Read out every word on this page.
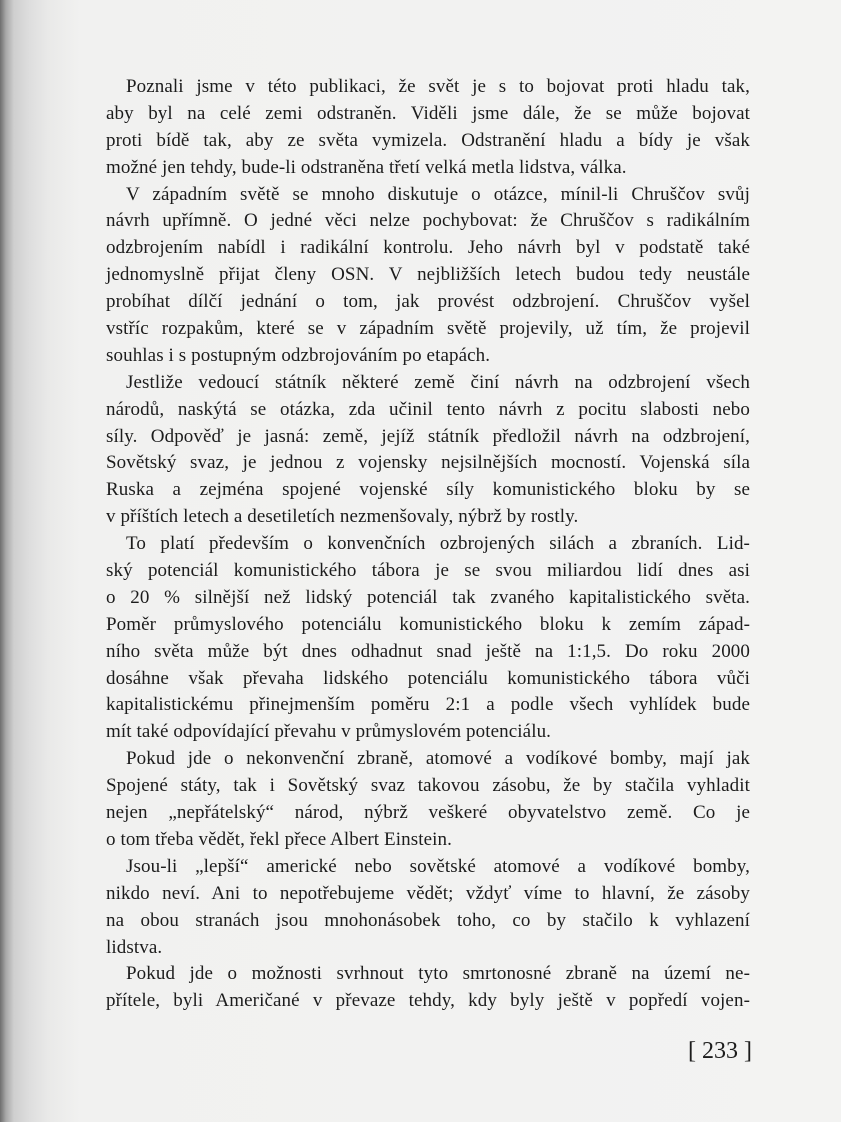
Poznali jsme v této publikaci, že svět je s to bojovat proti hladu tak,
aby byl na celé zemi odstraněn. Viděli jsme dále, že se může bojovat
proti bídě tak, aby ze světa vymizela. Odstranění hladu a bídy je však
možné jen tehdy, bude-li odstraněna třetí velká metla lidstva, válka.
V západním světě se mnoho diskutuje o otázce, mínil-li Chruščov svůj
návrh upřímně. O jedné věci nelze pochybovat: že Chruščov s radikálním
odzbrojením nabídl i radikální kontrolu. Jeho návrh byl v podstatě také
jednomyslně přijat členy OSN. V nejbližších letech budou tedy neustále
probíhat dílčí jednání o tom, jak provést odzbrojení. Chruščov vyšel
vstříc rozpakům, které se v západním světě projevily, už tím, že projevil
souhlas i s postupným odzbrojováním po etapách.
Jestliže vedoucí státník některé země činí návrh na odzbrojení všech
národů, naskýtá se otázka, zda učinil tento návrh z pocitu slabosti nebo
síly. Odpověď je jasná: země, jejíž státník předložil návrh na odzbrojení,
Sovětský svaz, je jednou z vojensky nejsilnějších mocností. Vojenská síla
Ruska a zejména spojené vojenské síly komunistického bloku by se
v příštích letech a desetiletích nezmenšovaly, nýbrž by rostly.
To platí především o konvenčních ozbrojených silách a zbraních. Lid-
ský potenciál komunistického tábora je se svou miliardou lidí dnes asi
o 20 % silnější než lidský potenciál tak zvaného kapitalistického světa.
Poměr průmyslového potenciálu komunistického bloku k zemím západ-
ního světa může být dnes odhadnut snad ještě na 1:1,5. Do roku 2000
dosáhne však převaha lidského potenciálu komunistického tábora vůči
kapitalistickému přinejmenším poměru 2:1 a podle všech vyhlídek bude
mít také odpovídající převahu v průmyslovém potenciálu.
Pokud jde o nekonvenční zbraně, atomové a vodíkové bomby, mají jak
Spojené státy, tak i Sovětský svaz takovou zásobu, že by stačila vyhladit
nejen „nepřátelský“ národ, nýbrž veškeré obyvatelstvo země. Co je
o tom třeba vědět, řekl přece Albert Einstein.
Jsou-li „lepší“ americké nebo sovětské atomové a vodíkové bomby,
nikdo neví. Ani to nepotřebujeme vědět; vždyť víme to hlavní, že zásoby
na obou stranách jsou mnohonásobek toho, co by stačilo k vyhlazení
lidstva.
Pokud jde o možnosti svrhnout tyto smrtonosné zbraně na území ne-
přítele, byli Američané v převaze tehdy, kdy byly ještě v popředí vojen-
[ 233 ]
